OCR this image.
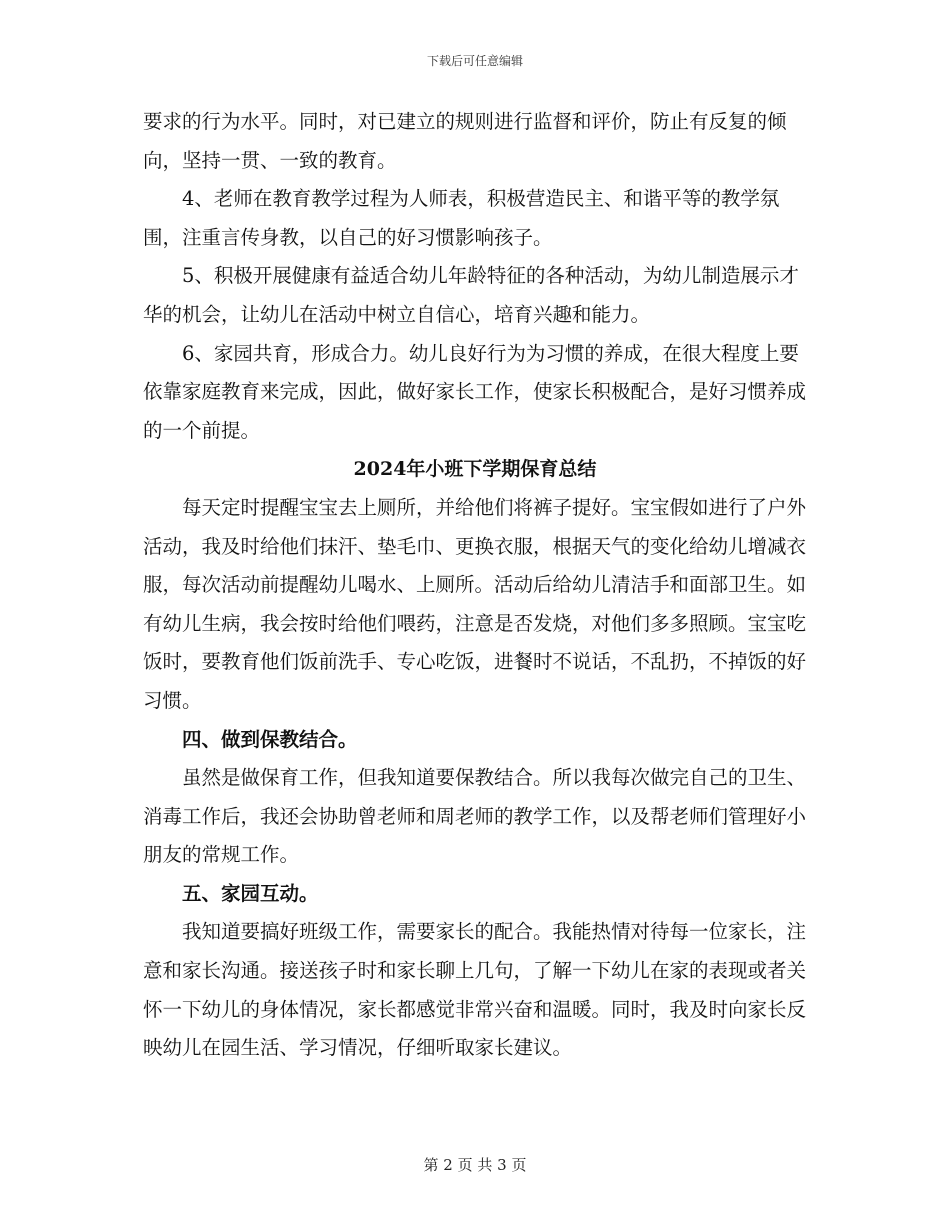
下载后可任意编辑

要求的行为水平。同时，对已建立的规则进行监督和评价，防止有反复的倾向，坚持一贯、一致的教育。

4、老师在教育教学过程为人师表，积极营造民主、和谐平等的教学氛围，注重言传身教，以自己的好习惯影响孩子。

5、积极开展健康有益适合幼儿年龄特征的各种活动，为幼儿制造展示才华的机会，让幼儿在活动中树立自信心，培育兴趣和能力。

6、家园共育，形成合力。幼儿良好行为为习惯的养成，在很大程度上要依靠家庭教育来完成，因此，做好家长工作，使家长积极配合，是好习惯养成的一个前提。

2024年小班下学期保育总结

每天定时提醒宝宝去上厕所，并给他们将裤子提好。宝宝假如进行了户外活动，我及时给他们抹汗、垫毛巾、更换衣服，根据天气的变化给幼儿增减衣服，每次活动前提醒幼儿喝水、上厕所。活动后给幼儿清洁手和面部卫生。如有幼儿生病，我会按时给他们喂药，注意是否发烧，对他们多多照顾。宝宝吃饭时，要教育他们饭前洗手、专心吃饭，进餐时不说话，不乱扔，不掉饭的好习惯。

四、做到保教结合。

虽然是做保育工作，但我知道要保教结合。所以我每次做完自己的卫生、消毒工作后，我还会协助曾老师和周老师的教学工作，以及帮老师们管理好小朋友的常规工作。

五、家园互动。

我知道要搞好班级工作，需要家长的配合。我能热情对待每一位家长，注意和家长沟通。接送孩子时和家长聊上几句，了解一下幼儿在家的表现或者关怀一下幼儿的身体情况，家长都感觉非常兴奋和温暖。同时，我及时向家长反映幼儿在园生活、学习情况，仔细听取家长建议。

第 2 页 共 3 页
